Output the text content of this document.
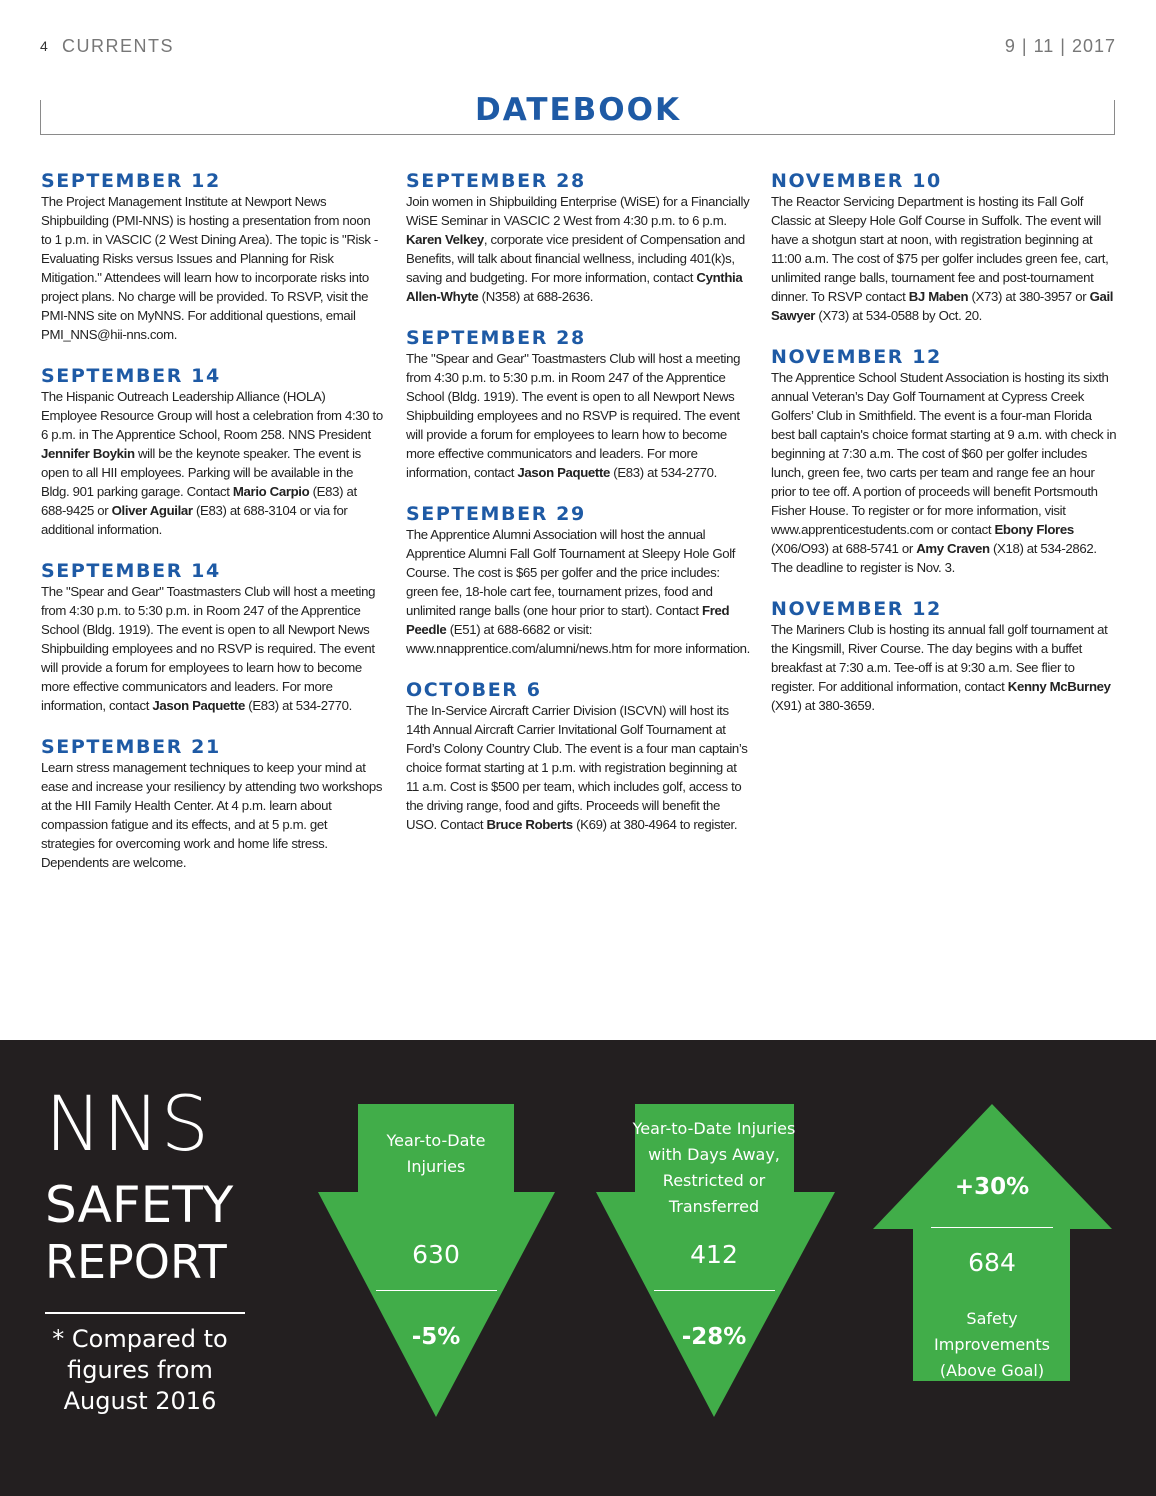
4 CURRENTS	9 | 11 | 2017
DATEBOOK
SEPTEMBER 12
The Project Management Institute at Newport News Shipbuilding (PMI-NNS) is hosting a presentation from noon to 1 p.m. in VASCIC (2 West Dining Area). The topic is "Risk - Evaluating Risks versus Issues and Planning for Risk Mitigation." Attendees will learn how to incorporate risks into project plans. No charge will be provided. To RSVP, visit the PMI-NNS site on MyNNS. For additional questions, email PMI_NNS@hii-nns.com.
SEPTEMBER 14
The Hispanic Outreach Leadership Alliance (HOLA) Employee Resource Group will host a celebration from 4:30 to 6 p.m. in The Apprentice School, Room 258. NNS President Jennifer Boykin will be the keynote speaker. The event is open to all HII employees. Parking will be available in the Bldg. 901 parking garage. Contact Mario Carpio (E83) at 688-9425 or Oliver Aguilar (E83) at 688-3104 or via for additional information.
SEPTEMBER 14
The "Spear and Gear" Toastmasters Club will host a meeting from 4:30 p.m. to 5:30 p.m. in Room 247 of the Apprentice School (Bldg. 1919). The event is open to all Newport News Shipbuilding employees and no RSVP is required. The event will provide a forum for employees to learn how to become more effective communicators and leaders. For more information, contact Jason Paquette (E83) at 534-2770.
SEPTEMBER 21
Learn stress management techniques to keep your mind at ease and increase your resiliency by attending two workshops at the HII Family Health Center. At 4 p.m. learn about compassion fatigue and its effects, and at 5 p.m. get strategies for overcoming work and home life stress. Dependents are welcome.
SEPTEMBER 28
Join women in Shipbuilding Enterprise (WiSE) for a Financially WiSE Seminar in VASCIC 2 West from 4:30 p.m. to 6 p.m. Karen Velkey, corporate vice president of Compensation and Benefits, will talk about financial wellness, including 401(k)s, saving and budgeting. For more information, contact Cynthia Allen-Whyte (N358) at 688-2636.
SEPTEMBER 28
The "Spear and Gear" Toastmasters Club will host a meeting from 4:30 p.m. to 5:30 p.m. in Room 247 of the Apprentice School (Bldg. 1919). The event is open to all Newport News Shipbuilding employees and no RSVP is required. The event will provide a forum for employees to learn how to become more effective communicators and leaders. For more information, contact Jason Paquette (E83) at 534-2770.
SEPTEMBER 29
The Apprentice Alumni Association will host the annual Apprentice Alumni Fall Golf Tournament at Sleepy Hole Golf Course. The cost is $65 per golfer and the price includes: green fee, 18-hole cart fee, tournament prizes, food and unlimited range balls (one hour prior to start). Contact Fred Peedle (E51) at 688-6682 or visit: www.nnapprentice.com/alumni/news.htm for more information.
OCTOBER 6
The In-Service Aircraft Carrier Division (ISCVN) will host its 14th Annual Aircraft Carrier Invitational Golf Tournament at Ford’s Colony Country Club. The event is a four man captain’s choice format starting at 1 p.m. with registration beginning at 11 a.m. Cost is $500 per team, which includes golf, access to the driving range, food and gifts. Proceeds will benefit the USO. Contact Bruce Roberts (K69) at 380-4964 to register.
NOVEMBER 10
The Reactor Servicing Department is hosting its Fall Golf Classic at Sleepy Hole Golf Course in Suffolk. The event will have a shotgun start at noon, with registration beginning at 11:00 a.m. The cost of $75 per golfer includes green fee, cart, unlimited range balls, tournament fee and post-tournament dinner. To RSVP contact BJ Maben (X73) at 380-3957 or Gail Sawyer (X73) at 534-0588 by Oct. 20.
NOVEMBER 12
The Apprentice School Student Association is hosting its sixth annual Veteran’s Day Golf Tournament at Cypress Creek Golfers’ Club in Smithfield. The event is a four-man Florida best ball captain's choice format starting at 9 a.m. with check in beginning at 7:30 a.m. The cost of $60 per golfer includes lunch, green fee, two carts per team and range fee an hour prior to tee off. A portion of proceeds will benefit Portsmouth Fisher House. To register or for more information, visit www.apprenticestudents.com or contact Ebony Flores (X06/O93) at 688-5741 or Amy Craven (X18) at 534-2862. The deadline to register is Nov. 3.
NOVEMBER 12
The Mariners Club is hosting its annual fall golf tournament at the Kingsmill, River Course. The day begins with a buffet breakfast at 7:30 a.m. Tee-off is at 9:30 a.m. See flier to register. For additional information, contact Kenny McBurney (X91) at 380-3659.
NNS
SAFETY
REPORT
* Compared to figures from August 2016
Year-to-Date Injuries
630
-5%
Year-to-Date Injuries with Days Away, Restricted or Transferred
412
-28%
+30%
684
Safety Improvements (Above Goal)
